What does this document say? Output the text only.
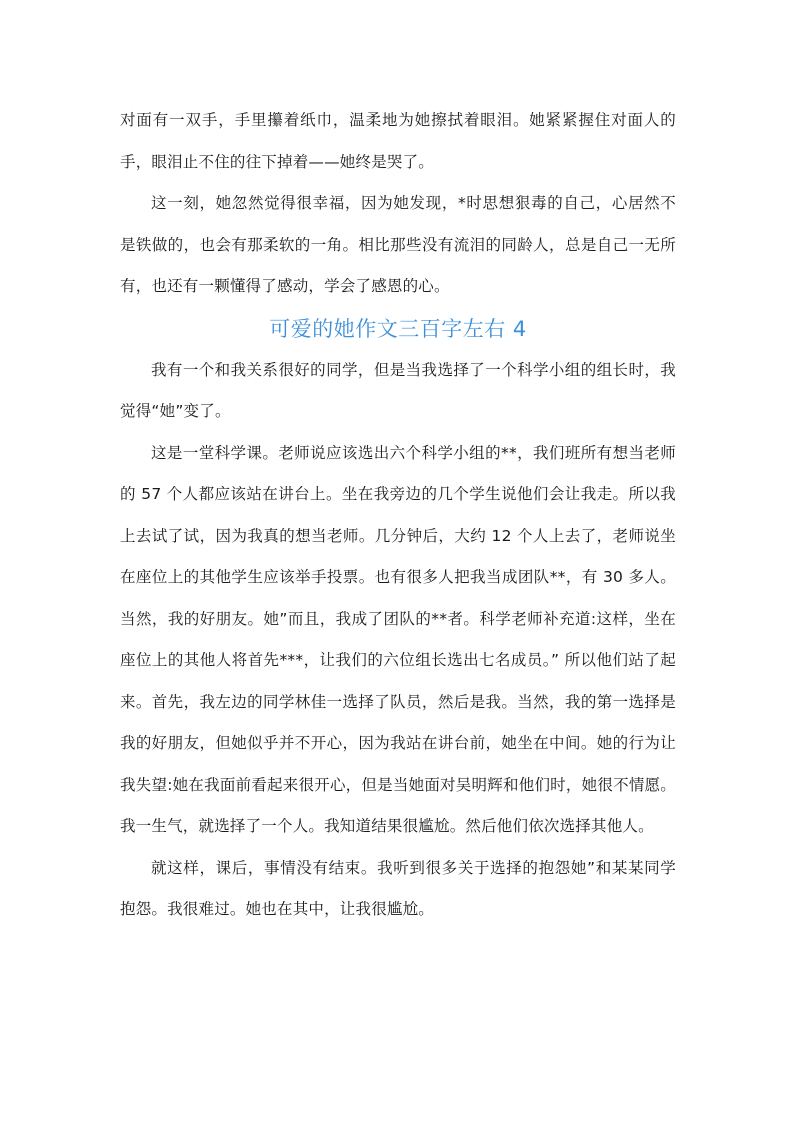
对面有一双手，手里攥着纸巾，温柔地为她擦拭着眼泪。她紧紧握住对面人的手，眼泪止不住的往下掉着——她终是哭了。

这一刻，她忽然觉得很幸福，因为她发现，*时思想狠毒的自己，心居然不是铁做的，也会有那柔软的一角。相比那些没有流泪的同龄人，总是自己一无所有，也还有一颗懂得了感动，学会了感恩的心。

可爱的她作文三百字左右 4

我有一个和我关系很好的同学，但是当我选择了一个科学小组的组长时，我觉得“她”变了。

这是一堂科学课。老师说应该选出六个科学小组的**，我们班所有想当老师的 57 个人都应该站在讲台上。坐在我旁边的几个学生说他们会让我走。所以我上去试了试，因为我真的想当老师。几分钟后，大约 12 个人上去了，老师说坐在座位上的其他学生应该举手投票。也有很多人把我当成团队**，有 30 多人。当然，我的好朋友。她”而且，我成了团队的**者。科学老师补充道:这样，坐在座位上的其他人将首先***，让我们的六位组长选出七名成员。” 所以他们站了起来。首先，我左边的同学林佳一选择了队员，然后是我。当然，我的第一选择是我的好朋友，但她似乎并不开心，因为我站在讲台前，她坐在中间。她的行为让我失望:她在我面前看起来很开心，但是当她面对吴明辉和他们时，她很不情愿。我一生气，就选择了一个人。我知道结果很尴尬。然后他们依次选择其他人。

就这样，课后，事情没有结束。我听到很多关于选择的抱怨她”和某某同学抱怨。我很难过。她也在其中，让我很尴尬。
